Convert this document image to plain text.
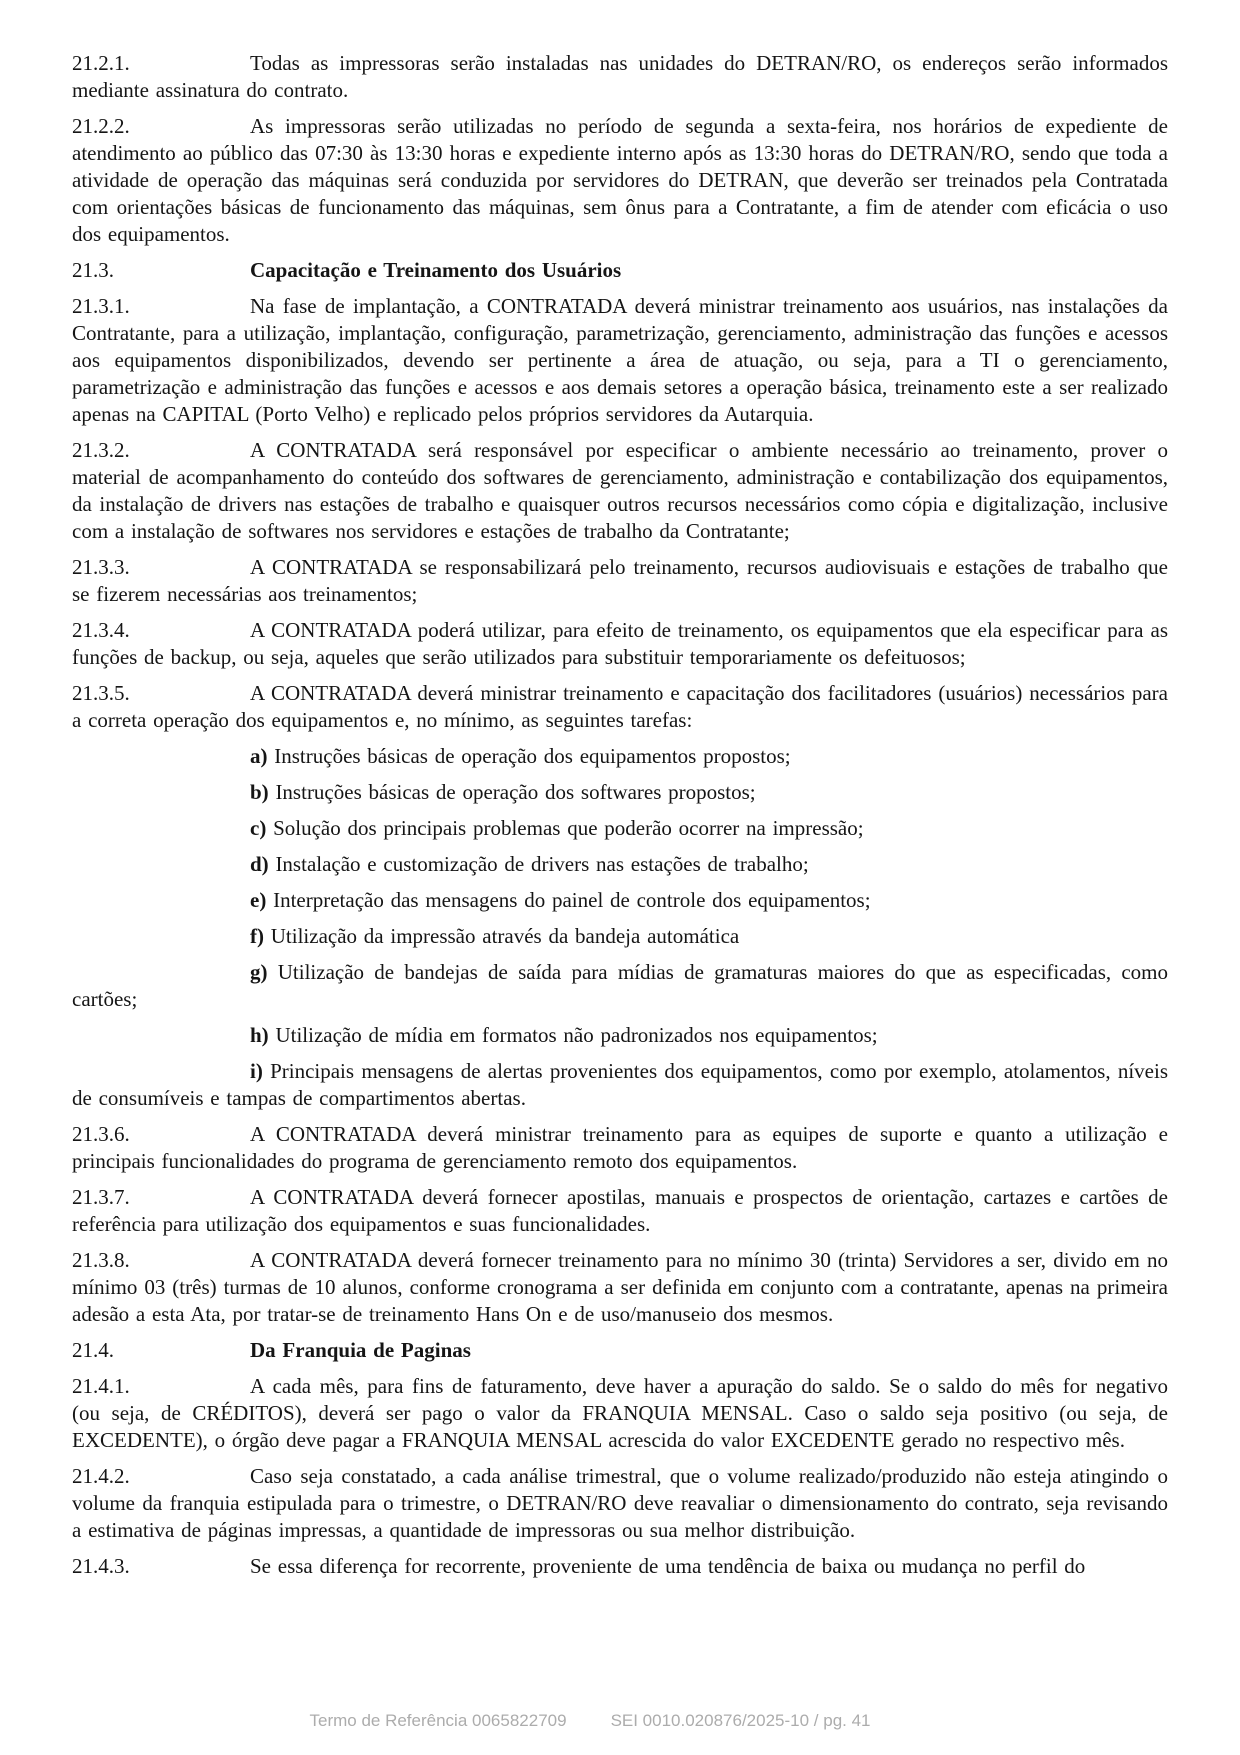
21.2.1.	Todas as impressoras serão instaladas nas unidades do DETRAN/RO, os endereços serão informados mediante assinatura do contrato.

21.2.2.	As impressoras serão utilizadas no período de segunda a sexta-feira, nos horários de expediente de atendimento ao público das 07:30 às 13:30 horas e expediente interno após as 13:30 horas do DETRAN/RO, sendo que toda a atividade de operação das máquinas será conduzida por servidores do DETRAN, que deverão ser treinados pela Contratada com orientações básicas de funcionamento das máquinas, sem ônus para a Contratante, a fim de atender com eficácia o uso dos equipamentos.

21.3.	Capacitação e Treinamento dos Usuários

21.3.1.	Na fase de implantação, a CONTRATADA deverá ministrar treinamento aos usuários, nas instalações da Contratante, para a utilização, implantação, configuração, parametrização, gerenciamento, administração das funções e acessos aos equipamentos disponibilizados, devendo ser pertinente a área de atuação, ou seja, para a TI o gerenciamento, parametrização e administração das funções e acessos e aos demais setores a operação básica, treinamento este a ser realizado apenas na CAPITAL (Porto Velho) e replicado pelos próprios servidores da Autarquia.

21.3.2.	A CONTRATADA será responsável por especificar o ambiente necessário ao treinamento, prover o material de acompanhamento do conteúdo dos softwares de gerenciamento, administração e contabilização dos equipamentos, da instalação de drivers nas estações de trabalho e quaisquer outros recursos necessários como cópia e digitalização, inclusive com a instalação de softwares nos servidores e estações de trabalho da Contratante;

21.3.3.	A CONTRATADA se responsabilizará pelo treinamento, recursos audiovisuais e estações de trabalho que se fizerem necessárias aos treinamentos;

21.3.4.	A CONTRATADA poderá utilizar, para efeito de treinamento, os equipamentos que ela especificar para as funções de backup, ou seja, aqueles que serão utilizados para substituir temporariamente os defeituosos;

21.3.5.	A CONTRATADA deverá ministrar treinamento e capacitação dos facilitadores (usuários) necessários para a correta operação dos equipamentos e, no mínimo, as seguintes tarefas:

a) Instruções básicas de operação dos equipamentos propostos;

b) Instruções básicas de operação dos softwares propostos;

c) Solução dos principais problemas que poderão ocorrer na impressão;

d) Instalação e customização de drivers nas estações de trabalho;

e) Interpretação das mensagens do painel de controle dos equipamentos;

f) Utilização da impressão através da bandeja automática

g) Utilização de bandejas de saída para mídias de gramaturas maiores do que as especificadas, como cartões;

h) Utilização de mídia em formatos não padronizados nos equipamentos;

i) Principais mensagens de alertas provenientes dos equipamentos, como por exemplo, atolamentos, níveis de consumíveis e tampas de compartimentos abertas.

21.3.6.	A CONTRATADA deverá ministrar treinamento para as equipes de suporte e quanto a utilização e principais funcionalidades do programa de gerenciamento remoto dos equipamentos.

21.3.7.	A CONTRATADA deverá fornecer apostilas, manuais e prospectos de orientação, cartazes e cartões de referência para utilização dos equipamentos e suas funcionalidades.

21.3.8.	A CONTRATADA deverá fornecer treinamento para no mínimo 30 (trinta) Servidores a ser, divido em no mínimo 03 (três) turmas de 10 alunos, conforme cronograma a ser definida em conjunto com a contratante, apenas na primeira adesão a esta Ata, por tratar-se de treinamento Hans On e de uso/manuseio dos mesmos.

21.4.	Da Franquia de Paginas

21.4.1.	A cada mês, para fins de faturamento, deve haver a apuração do saldo. Se o saldo do mês for negativo (ou seja, de CRÉDITOS), deverá ser pago o valor da FRANQUIA MENSAL. Caso o saldo seja positivo (ou seja, de EXCEDENTE), o órgão deve pagar a FRANQUIA MENSAL acrescida do valor EXCEDENTE gerado no respectivo mês.

21.4.2.	Caso seja constatado, a cada análise trimestral, que o volume realizado/produzido não esteja atingindo o volume da franquia estipulada para o trimestre, o DETRAN/RO deve reavaliar o dimensionamento do contrato, seja revisando a estimativa de páginas impressas, a quantidade de impressoras ou sua melhor distribuição.

21.4.3.	Se essa diferença for recorrente, proveniente de uma tendência de baixa ou mudança no perfil do

Termo de Referência 0065822709	SEI 0010.020876/2025-10 / pg. 41
